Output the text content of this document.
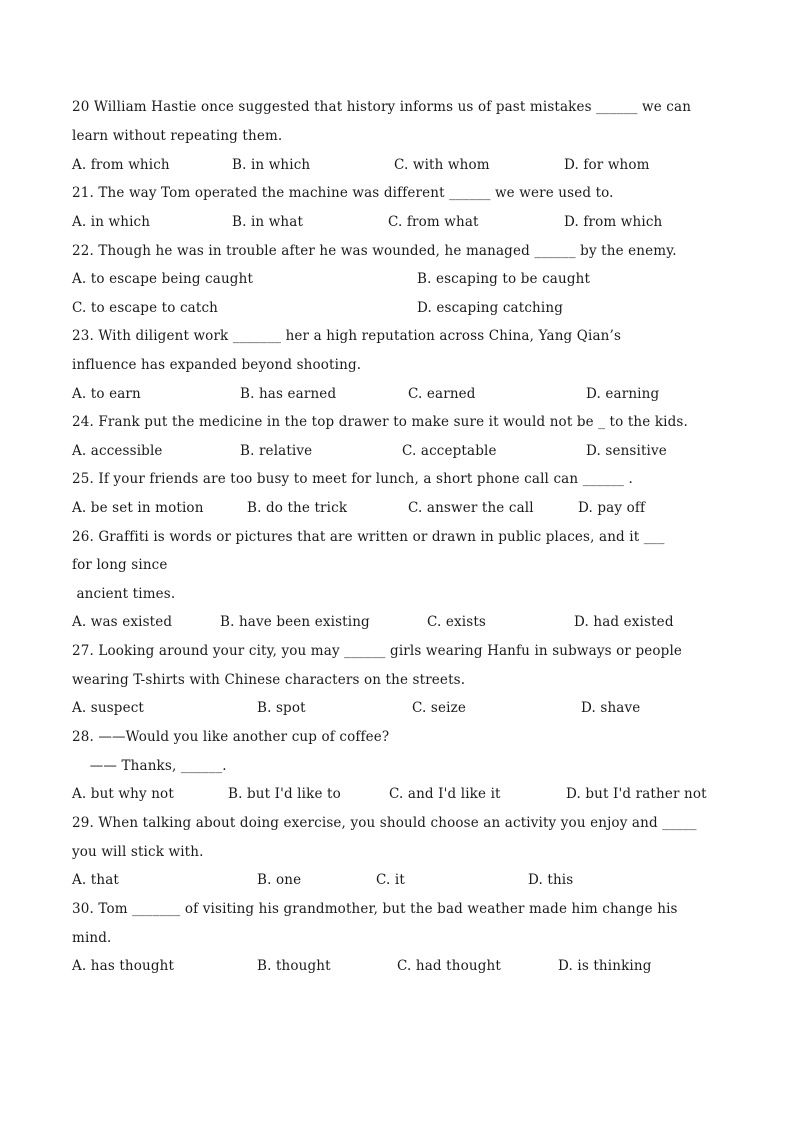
20 William Hastie once suggested that history informs us of past mistakes ______ we can
learn without repeating them.
A. from which	B. in which	C. with whom	D. for whom
21. The way Tom operated the machine was different ______ we were used to.
A. in which	B. in what	C. from what	D. from which
22. Though he was in trouble after he was wounded, he managed ______ by the enemy.
A. to escape being caught	B. escaping to be caught
C. to escape to catch	D. escaping catching
23. With diligent work _______ her a high reputation across China, Yang Qian’s
influence has expanded beyond shooting.
A. to earn	B. has earned	C. earned	D. earning
24. Frank put the medicine in the top drawer to make sure it would not be _ to the kids.
A. accessible	B. relative	C. acceptable	D. sensitive
25. If your friends are too busy to meet for lunch, a short phone call can ______ .
A. be set in motion	B. do the trick	C. answer the call	D. pay off
26. Graffiti is words or pictures that are written or drawn in public places, and it ___
for long since
ancient times.
A. was existed	B. have been existing	C. exists	D. had existed
27. Looking around your city, you may ______ girls wearing Hanfu in subways or people
wearing T-shirts with Chinese characters on the streets.
A. suspect	B. spot	C. seize	D. shave
28. ——Would you like another cup of coffee?
—— Thanks, ______.
A. but why not	B. but I'd like to	C. and I'd like it	D. but I'd rather not
29. When talking about doing exercise, you should choose an activity you enjoy and _____
you will stick with.
A. that	B. one	C. it	D. this
30. Tom _______ of visiting his grandmother, but the bad weather made him change his
mind.
A. has thought	B. thought	C. had thought	D. is thinking
